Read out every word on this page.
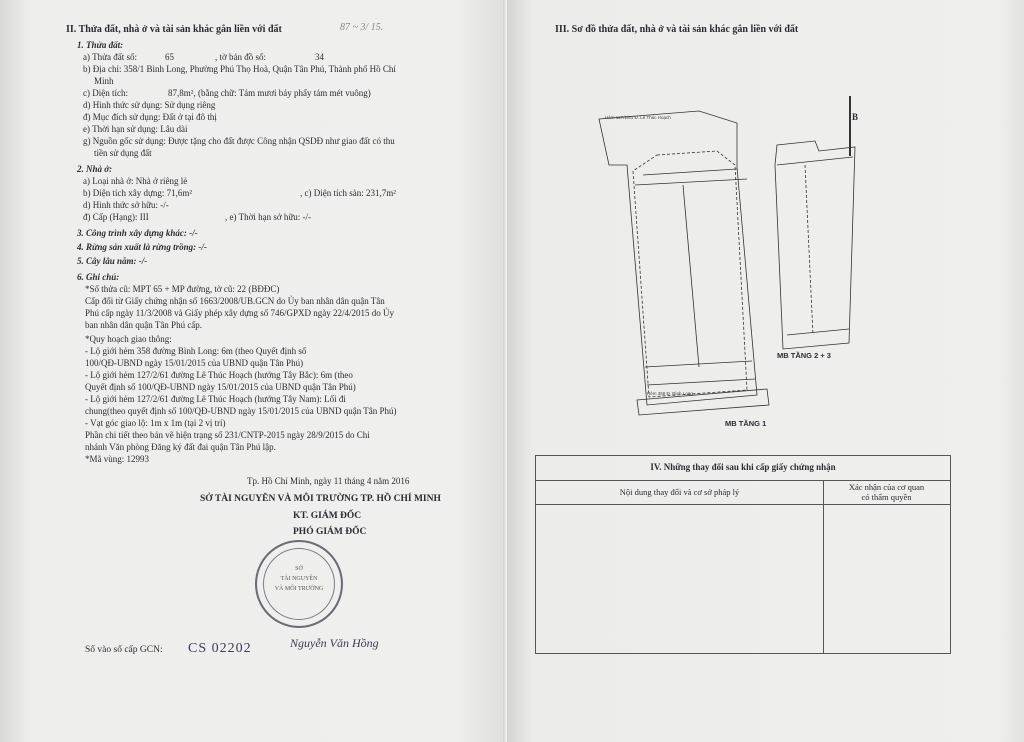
II. Thửa đất, nhà ở và tài sản khác gắn liền với đất	87 ~ 3/ 15.
1. Thửa đất:
a) Thửa đất số:	65	, tờ bản đồ số:	34
b) Địa chỉ: 358/1 Bình Long, Phường Phú Thọ Hoà, Quận Tân Phú, Thành phố Hồ Chí
Minh
c) Diện tích:	87,8m², (bằng chữ: Tám mươi bảy phẩy tám mét vuông)
d) Hình thức sử dụng: Sử dụng riêng
đ) Mục đích sử dụng: Đất ở tại đô thị
e) Thời hạn sử dụng: Lâu dài
g) Nguồn gốc sử dụng: Được tặng cho đất được Công nhận QSDĐ như giao đất có thu
tiền sử dụng đất
2. Nhà ở:
a) Loại nhà ở: Nhà ở riêng lẻ
b) Diện tích xây dựng: 71,6m²	, c) Diện tích sàn: 231,7m²
d) Hình thức sở hữu: -/-
đ) Cấp (Hạng): III	, e) Thời hạn sở hữu: -/-
3. Công trình xây dựng khác: -/-
4. Rừng sản xuất là rừng trồng: -/-
5. Cây lâu năm: -/-
6. Ghi chú:
*Số thửa cũ: MPT 65 + MP đường, tờ cũ: 22 (BĐĐC)
Cấp đổi từ Giấy chứng nhận số 1663/2008/UB.GCN do Ủy ban nhân dân quận Tân
Phú cấp ngày 11/3/2008 và Giấy phép xây dựng số 746/GPXD ngày 22/4/2015 do Ủy
ban nhân dân quận Tân Phú cấp.
*Quy hoạch giao thông:
- Lộ giới hẻm 358 đường Bình Long: 6m (theo Quyết định số
100/QĐ-UBND ngày 15/01/2015 của UBND quận Tân Phú)
- Lộ giới hẻm 127/2/61 đường Lê Thúc Hoạch (hướng Tây Bắc): 6m (theo
Quyết định số 100/QĐ-UBND ngày 15/01/2015 của UBND quận Tân Phú)
- Lộ giới hẻm 127/2/61 đường Lê Thúc Hoạch (hướng Tây Nam): Lối đi
chung(theo quyết định số 100/QĐ-UBND ngày 15/01/2015 của UBND quận Tân Phú)
- Vạt góc giao lộ: 1m x 1m (tại 2 vị trí)
Phần chi tiết theo bản vẽ hiện trạng số 231/CNTP-2015 ngày 28/9/2015 do Chi
nhánh Văn phòng Đăng ký đất đai quận Tân Phú lập.
*Mã vùng: 12993
Tp. Hồ Chí Minh, ngày 11 tháng 4 năm 2016
SỞ TÀI NGUYÊN VÀ MÔI TRƯỜNG TP. HỒ CHÍ MINH
KT. GIÁM ĐỐC
PHÓ GIÁM ĐỐC
SỞ
TÀI NGUYÊN
VÀ MÔI TRƯỜNG
Nguyễn Văn Hồng
Số vào sổ cấp GCN: CS 02202
III. Sơ đồ thửa đất, nhà ở và tài sản khác gắn liền với đất
B
Hẻm 127/2/61 Đ. Lê Thúc Hoạch
Hẻm 358 Đ. Bình Long
MB TẦNG 1
MB TẦNG 2 + 3
IV. Những thay đổi sau khi cấp giấy chứng nhận
Nội dung thay đổi và cơ sở pháp lý	Xác nhận của cơ quan
có thẩm quyền
